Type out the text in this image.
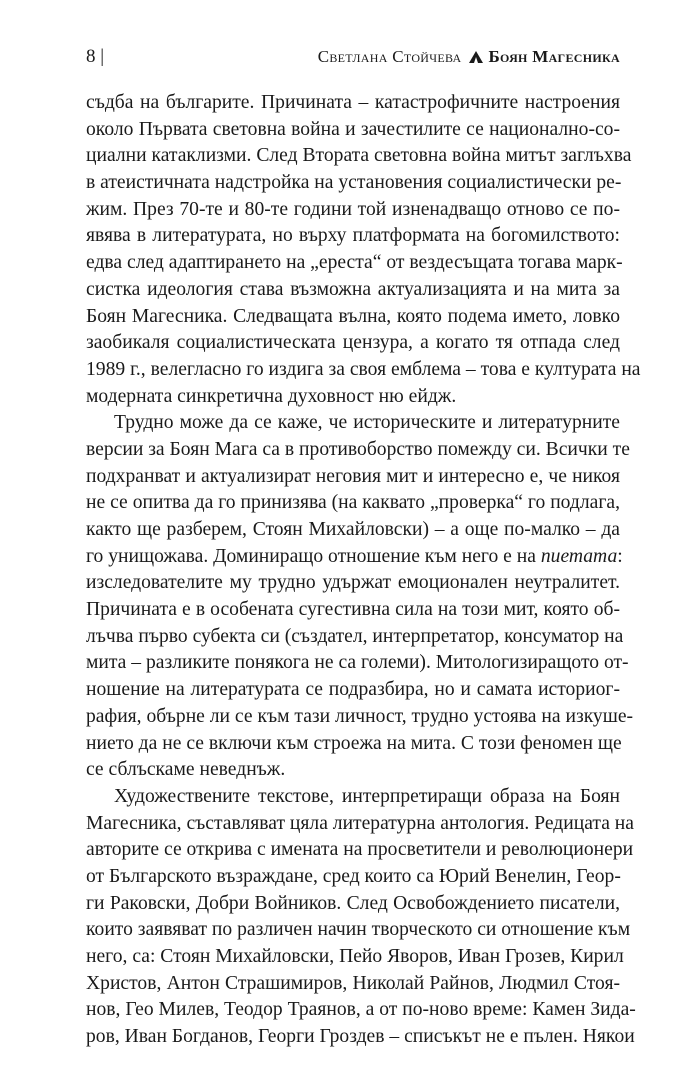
8 |	Светлана Стойчева Боян Магесника
съдба на българите. Причината – катастрофичните настроения
около Първата световна война и зачестилите се национално-со-
циални катаклизми. След Втората световна война митът заглъхва
в атеистичната надстройка на установения социалистически ре-
жим. През 70-те и 80-те години той изненадващо отново се по-
явява в литературата, но върху платформата на богомилството:
едва след адаптирането на „ереста“ от вездесъщата тогава марк-
систка идеология става възможна актуализацията и на мита за
Боян Магесника. Следващата вълна, която подема името, ловко
заобикаля социалистическата цензура, а когато тя отпада след
1989 г., велегласно го издига за своя емблема – това е културата на
модерната синкретична духовност ню ейдж.
Трудно може да се каже, че историческите и литературните
версии за Боян Мага са в противоборство помежду си. Всички те
подхранват и актуализират неговия мит и интересно е, че никоя
не се опитва да го принизява (на каквато „проверка“ го подлага,
както ще разберем, Стоян Михайловски) – а още по-малко – да
го унищожава. Доминиращо отношение към него е на пиетата:
изследователите му трудно удържат емоционален неутралитет.
Причината е в особената сугестивна сила на този мит, която об-
лъчва първо субекта си (създател, интерпретатор, консуматор на
мита – разликите понякога не са големи). Митологизиращото от-
ношение на литературата се подразбира, но и самата историог-
рафия, обърне ли се към тази личност, трудно устоява на изкуше-
нието да не се включи към строежа на мита. С този феномен ще
се сблъскаме неведнъж.
Художествените текстове, интерпретиращи образа на Боян
Магесника, съставляват цяла литературна антология. Редицата на
авторите се открива с имената на просветители и революционери
от Българското възраждане, сред които са Юрий Венелин, Геор-
ги Раковски, Добри Войников. След Освобождението писатели,
които заявяват по различен начин творческото си отношение към
него, са: Стоян Михайловски, Пейо Яворов, Иван Грозев, Кирил
Христов, Антон Страшимиров, Николай Райнов, Людмил Стоя-
нов, Гео Милев, Теодор Траянов, а от по-ново време: Камен Зида-
ров, Иван Богданов, Георги Гроздев – списъкът не е пълен. Някои
